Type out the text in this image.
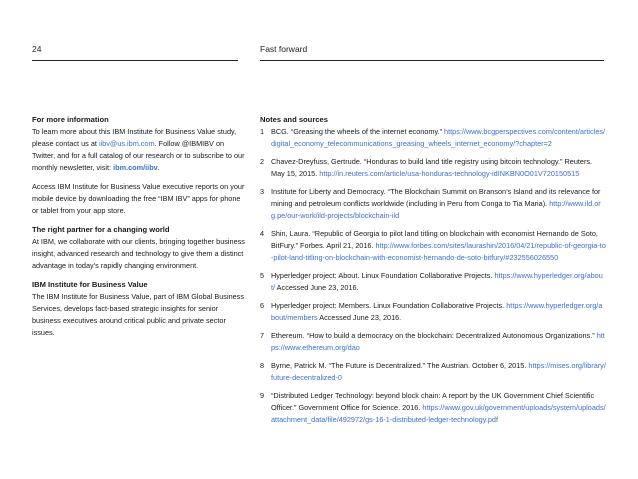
24	Fast forward
For more information

To learn more about this IBM Institute for Business Value study, please contact us at iibv@us.ibm.com. Follow @IBMIBV on Twitter, and for a full catalog of our research or to subscribe to our monthly newsletter, visit: ibm.com/iibv.

Access IBM Institute for Business Value executive reports on your mobile device by downloading the free “IBM IBV” apps for phone or tablet from your app store.

The right partner for a changing world

At IBM, we collaborate with our clients, bringing together business insight, advanced research and technology to give them a distinct advantage in today’s rapidly changing environment.

IBM Institute for Business Value

The IBM Institute for Business Value, part of IBM Global Business Services, develops fact-based strategic insights for senior business executives around critical public and private sector issues.

Notes and sources
1 BCG. “Greasing the wheels of the internet economy.” https://www.bcgperspectives.com/content/articles/digital_economy_telecommunications_greasing_wheels_internet_economy/?chapter=2
2 Chavez-Dreyfuss, Gertrude. “Honduras to build land title registry using bitcoin technology.” Reuters. May 15, 2015. http://in.reuters.com/article/usa-honduras-technology-idINKBN0O01V720150515
3 Institute for Liberty and Democracy. “The Blockchain Summit on Branson’s Island and its relevance for mining and petroleum conflicts worldwide (including in Peru from Conga to Tia Maria). http://www.ild.org.pe/our-work/ild-projects/blockchain-ild
4 Shin, Laura. “Republic of Georgia to pilot land titling on blockchain with economist Hernando de Soto, BitFury.” Forbes. April 21, 2016. http://www.forbes.com/sites/laurashin/2016/04/21/republic-of-georgia-to-pilot-land-titling-on-blockchain-with-economist-hernando-de-soto-bitfury/#232556026550
5 Hyperledger project: About. Linux Foundation Collaborative Projects. https://www.hyperledger.org/about/ Accessed June 23, 2016.
6 Hyperledger project: Members. Linux Foundation Collaborative Projects. https://www.hyperledger.org/about/members Accessed June 23, 2016.
7 Ethereum. “How to build a democracy on the blockchain: Decentralized Autonomous Organizations.” https://www.ethereum.org/dao
8 Byrne, Patrick M. “The Future is Decentralized.” The Austrian. October 6, 2015. https://mises.org/library/future-decentralized-0
9 “Distributed Ledger Technology: beyond block chain: A report by the UK Government Chief Scientific Officer.” Government Office for Science. 2016. https://www.gov.uk/government/uploads/system/uploads/attachment_data/file/492972/gs-16-1-distributed-ledger-technology.pdf
